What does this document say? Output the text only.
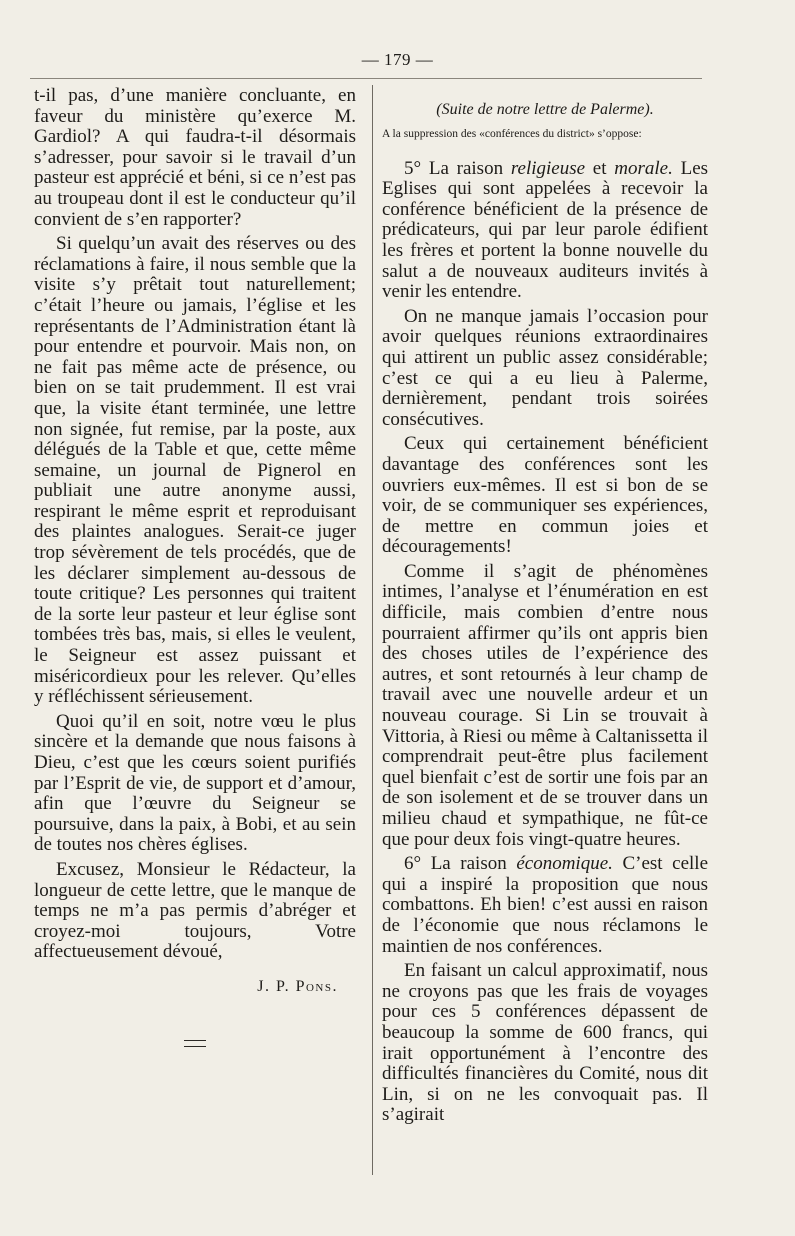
— 179 —

t-il pas, d’une manière concluante, en faveur du ministère qu’exerce M. Gardiol? A qui faudra-t-il désormais s’adresser, pour savoir si le travail d’un pasteur est apprécié et béni, si ce n’est pas au troupeau dont il est le conducteur qu’il convient de s’en rapporter?

Si quelqu’un avait des réserves ou des réclamations à faire, il nous semble que la visite s’y prêtait tout naturellement; c’était l’heure ou jamais, l’église et les représentants de l’Administration étant là pour entendre et pourvoir. Mais non, on ne fait pas même acte de présence, ou bien on se tait prudemment. Il est vrai que, la visite étant terminée, une lettre non signée, fut remise, par la poste, aux délégués de la Table et que, cette même semaine, un journal de Pignerol en publiait une autre anonyme aussi, respirant le même esprit et reproduisant des plaintes analogues. Serait-ce juger trop sévèrement de tels procédés, que de les déclarer simplement au-dessous de toute critique? Les personnes qui traitent de la sorte leur pasteur et leur église sont tombées très bas, mais, si elles le veulent, le Seigneur est assez puissant et miséricordieux pour les relever. Qu’elles y réfléchissent sérieusement.

Quoi qu’il en soit, notre vœu le plus sincère et la demande que nous faisons à Dieu, c’est que les cœurs soient purifiés par l’Esprit de vie, de support et d’amour, afin que l’œuvre du Seigneur se poursuive, dans la paix, à Bobi, et au sein de toutes nos chères églises.

Excusez, Monsieur le Rédacteur, la longueur de cette lettre, que le manque de temps ne m’a pas permis d’abréger et croyez-moi toujours, Votre affectueusement dévoué,

J. P. Pons.

(Suite de notre lettre de Palerme).

A la suppression des «conférences du district» s’oppose:

5° La raison religieuse et morale. Les Eglises qui sont appelées à recevoir la conférence bénéficient de la présence de prédicateurs, qui par leur parole édifient les frères et portent la bonne nouvelle du salut a de nouveaux auditeurs invités à venir les entendre.

On ne manque jamais l’occasion pour avoir quelques réunions extraordinaires qui attirent un public assez considérable; c’est ce qui a eu lieu à Palerme, dernièrement, pendant trois soirées consécutives.

Ceux qui certainement bénéficient davantage des conférences sont les ouvriers eux-mêmes. Il est si bon de se voir, de se communiquer ses expériences, de mettre en commun joies et découragements!

Comme il s’agit de phénomènes intimes, l’analyse et l’énumération en est difficile, mais combien d’entre nous pourraient affirmer qu’ils ont appris bien des choses utiles de l’expérience des autres, et sont retournés à leur champ de travail avec une nouvelle ardeur et un nouveau courage. Si Lin se trouvait à Vittoria, à Riesi ou même à Caltanissetta il comprendrait peut-être plus facilement quel bienfait c’est de sortir une fois par an de son isolement et de se trouver dans un milieu chaud et sympathique, ne fût-ce que pour deux fois vingt-quatre heures.

6° La raison économique. C’est celle qui a inspiré la proposition que nous combattons. Eh bien! c’est aussi en raison de l’économie que nous réclamons le maintien de nos conférences.

En faisant un calcul approximatif, nous ne croyons pas que les frais de voyages pour ces 5 conférences dépassent de beaucoup la somme de 600 francs, qui irait opportunément à l’encontre des difficultés financières du Comité, nous dit Lin, si on ne les convoquait pas. Il s’agirait
